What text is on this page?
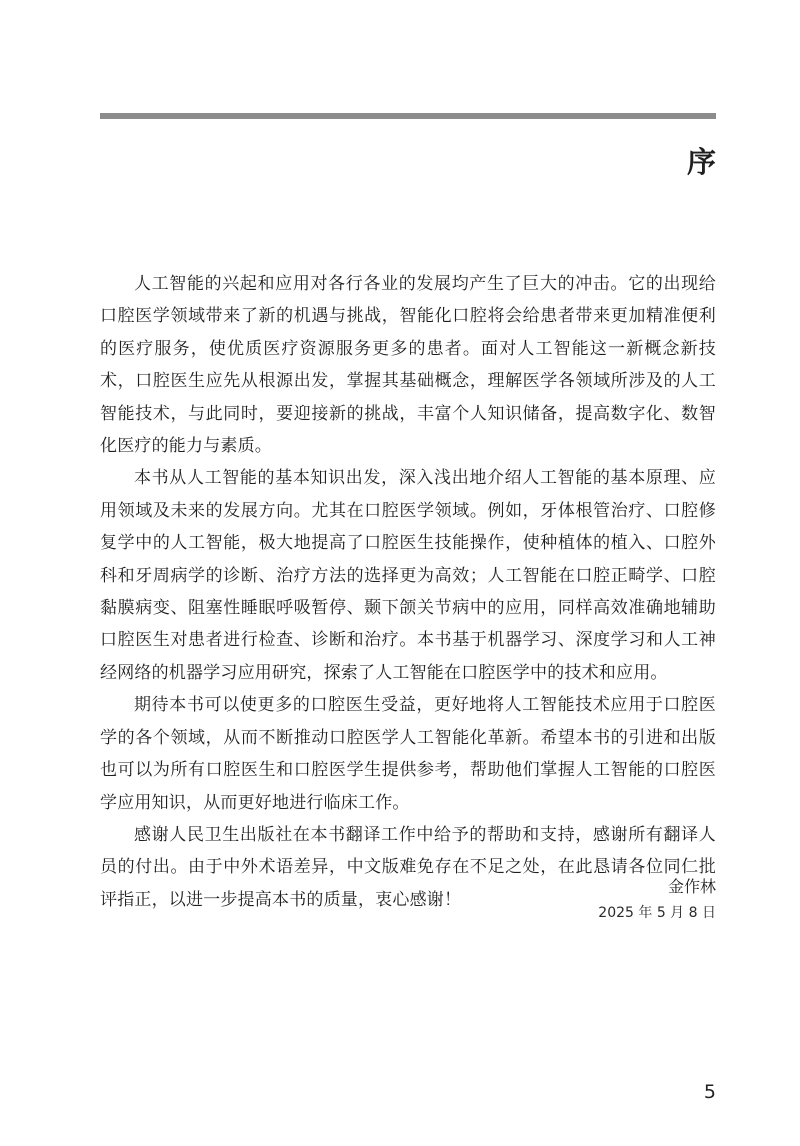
序

人工智能的兴起和应用对各行各业的发展均产生了巨大的冲击。它的出现给口腔医学领域带来了新的机遇与挑战，智能化口腔将会给患者带来更加精准便利的医疗服务，使优质医疗资源服务更多的患者。面对人工智能这一新概念新技术，口腔医生应先从根源出发，掌握其基础概念，理解医学各领域所涉及的人工智能技术，与此同时，要迎接新的挑战，丰富个人知识储备，提高数字化、数智化医疗的能力与素质。

本书从人工智能的基本知识出发，深入浅出地介绍人工智能的基本原理、应用领域及未来的发展方向。尤其在口腔医学领域。例如，牙体根管治疗、口腔修复学中的人工智能，极大地提高了口腔医生技能操作，使种植体的植入、口腔外科和牙周病学的诊断、治疗方法的选择更为高效；人工智能在口腔正畸学、口腔黏膜病变、阻塞性睡眠呼吸暂停、颞下颌关节病中的应用，同样高效准确地辅助口腔医生对患者进行检查、诊断和治疗。本书基于机器学习、深度学习和人工神经网络的机器学习应用研究，探索了人工智能在口腔医学中的技术和应用。

期待本书可以使更多的口腔医生受益，更好地将人工智能技术应用于口腔医学的各个领域，从而不断推动口腔医学人工智能化革新。希望本书的引进和出版也可以为所有口腔医生和口腔医学生提供参考，帮助他们掌握人工智能的口腔医学应用知识，从而更好地进行临床工作。

感谢人民卫生出版社在本书翻译工作中给予的帮助和支持，感谢所有翻译人员的付出。由于中外术语差异，中文版难免存在不足之处，在此恳请各位同仁批评指正，以进一步提高本书的质量，衷心感谢！

金作林
2025 年 5 月 8 日
5
